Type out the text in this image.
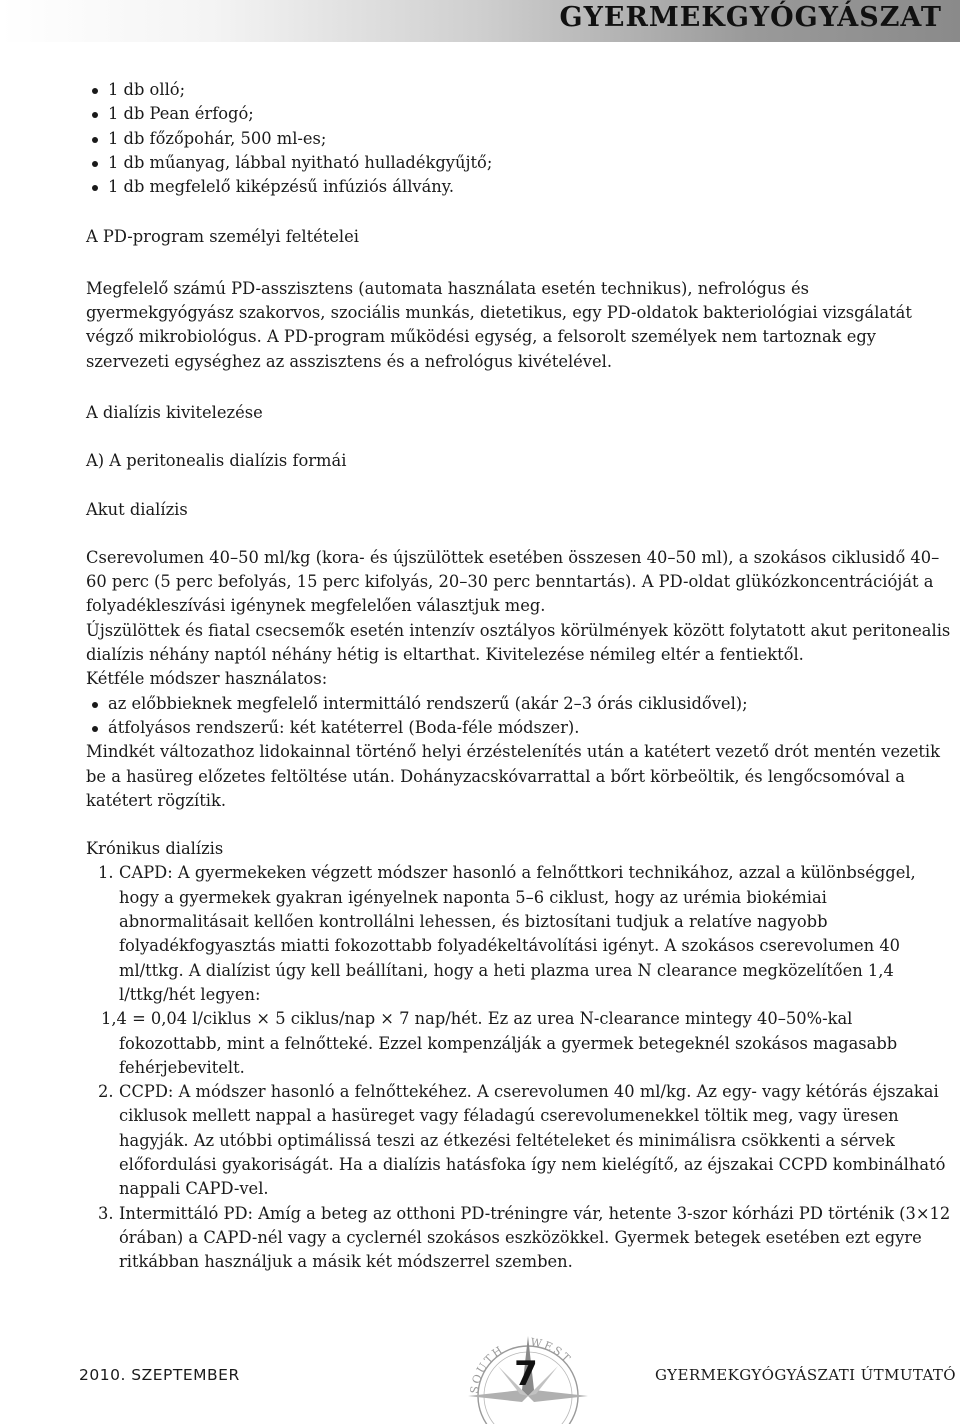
GYERMEKGYÓGYÁSZAT
1 db olló;
1 db Pean érfogó;
1 db főzőpohár, 500 ml-es;
1 db műanyag, lábbal nyitható hulladékgyűjtő;
1 db megfelelő kiképzésű infúziós állvány.

A PD-program személyi feltételei

Megfelelő számú PD-asszisztens (automata használata esetén technikus), nefrológus és gyermekgyógyász szakorvos, szociális munkás, dietetikus, egy PD-oldatok bakteriológiai vizsgálatát végző mikrobiológus. A PD-program működési egység, a felsorolt személyek nem tartoznak egy szervezeti egységhez az asszisztens és a nefrológus kivételével.

A dialízis kivitelezése

A) A peritonealis dialízis formái

Akut dialízis

Cserevolumen 40–50 ml/kg (kora- és újszülöttek esetében összesen 40–50 ml), a szokásos ciklusidő 40–60 perc (5 perc befolyás, 15 perc kifolyás, 20–30 perc benntartás). A PD-oldat glükózkoncentrációját a folyadékleszívási igénynek megfelelően választjuk meg.

Újszülöttek és fiatal csecsemők esetén intenzív osztályos körülmények között folytatott akut peritonealis dialízis néhány naptól néhány hétig is eltarthat. Kivitelezése némileg eltér a fentiektől.

Kétféle módszer használatos:

az előbbieknek megfelelő intermittáló rendszerű (akár 2–3 órás ciklusidővel);
átfolyásos rendszerű: két katéterrel (Boda-féle módszer).

Mindkét változathoz lidokainnal történő helyi érzéstelenítés után a katétert vezető drót mentén vezetik be a hasüreg előzetes feltöltése után. Dohányzacskóvarrattal a bőrt körbeöltik, és lengőcsomóval a katétert rögzítik.

Krónikus dialízis

1. CAPD: A gyermekeken végzett módszer hasonló a felnőttkori technikához, azzal a különbséggel, hogy a gyermekek gyakran igényelnek naponta 5–6 ciklust, hogy az urémia biokémiai abnormalitásait kellően kontrollálni lehessen, és biztosítani tudjuk a relatíve nagyobb folyadékfogyasztás miatti fokozottabb folyadékeltávolítási igényt. A szokásos cserevolumen 40 ml/ttkg. A dialízist úgy kell beállítani, hogy a heti plazma urea N clearance megközelítően 1,4 l/ttkg/hét legyen:
1,4 = 0,04 l/ciklus × 5 ciklus/nap × 7 nap/hét. Ez az urea N-clearance mintegy 40–50%-kal
fokozottabb, mint a felnőtteké. Ezzel kompenzálják a gyermek betegeknél szokásos magasabb fehérjebevitelt.
2. CCPD: A módszer hasonló a felnőttekéhez. A cserevolumen 40 ml/kg. Az egy- vagy kétórás éjszakai ciklusok mellett nappal a hasüreget vagy féladagú cserevolumenekkel töltik meg, vagy üresen hagyják. Az utóbbi optimálissá teszi az étkezési feltételeket és minimálisra csökkenti a sérvek előfordulási gyakoriságát. Ha a dialízis hatásfoka így nem kielégítő, az éjszakai CCPD kombinálható nappali CAPD-vel.
3. Intermittáló PD: Amíg a beteg az otthoni PD-tréningre vár, hetente 3-szor kórházi PD történik (3×12 órában) a CAPD-nél vagy a cyclernél szokásos eszközökkel. Gyermek betegek esetében ezt egyre ritkábban használjuk a másik két módszerrel szemben.
2010. SZEPTEMBER
SOUTH WEST
7	GYERMEKGYÓGYÁSZATI ÚTMUTATÓ
